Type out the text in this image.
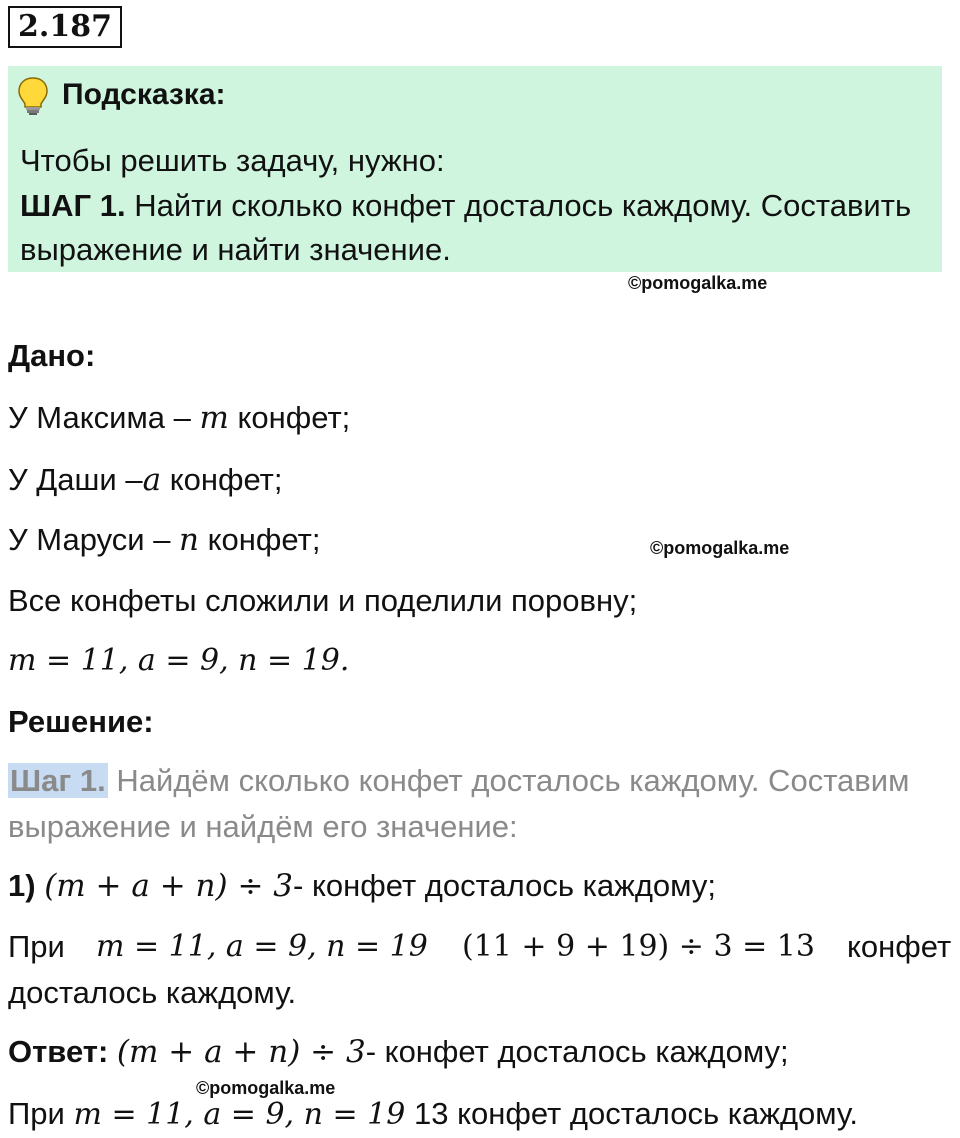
2.187
Подсказка:
Чтобы решить задачу, нужно:
ШАГ 1. Найти сколько конфет досталось каждому. Составить
выражение и найти значение.
©pomogalka.me
Дано:
У Максима – m конфет;
У Даши –a конфет;
У Маруси – n конфет;	©pomogalka.me
Все конфеты сложили и поделили поровну;
m = 11, a = 9, n = 19.
Решение:
Шаг 1. Найдём сколько конфет досталось каждому. Составим
выражение и найдём его значение:
1) (m + a + n) ÷ 3- конфет досталось каждому;
При m = 11, a = 9, n = 19 (11 + 9 + 19) ÷ 3 = 13 конфет
досталось каждому.
Ответ: (m + a + n) ÷ 3- конфет досталось каждому;
©pomogalka.me
При m = 11, a = 9, n = 19 13 конфет досталось каждому.
